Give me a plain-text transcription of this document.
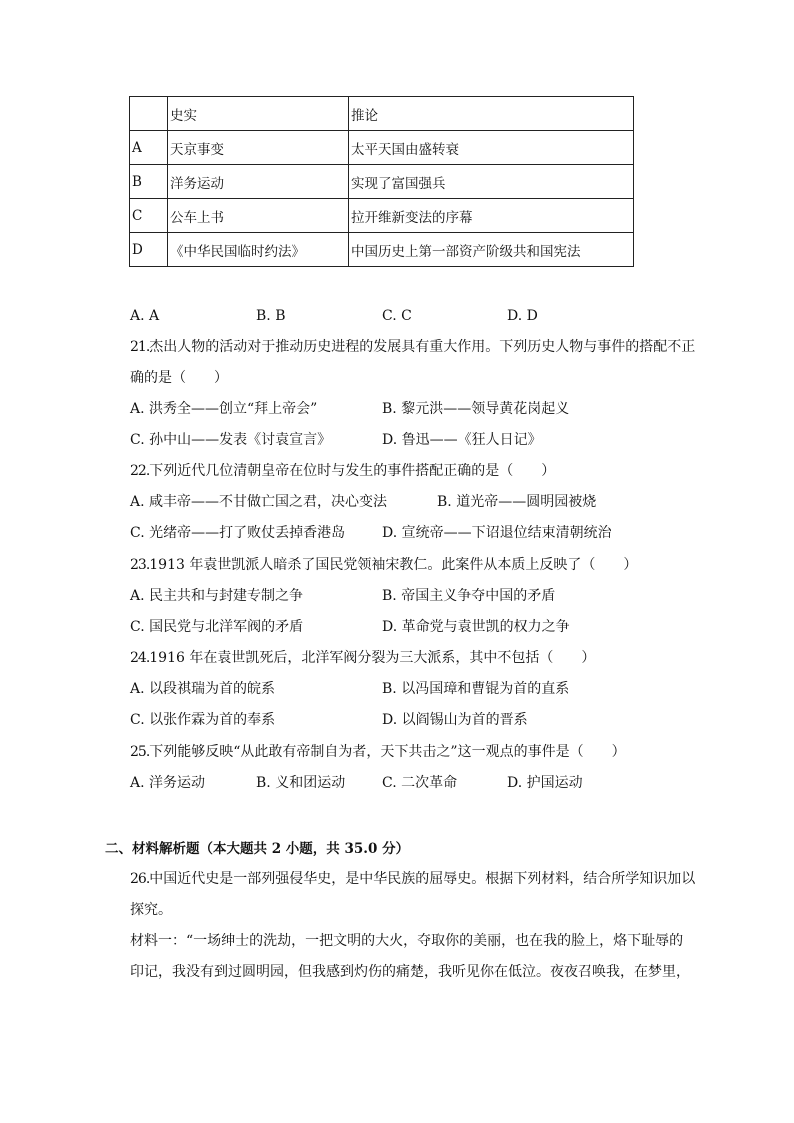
	史实	推论
A	天京事变	太平天国由盛转衰
B	洋务运动	实现了富国强兵
C	公车上书	拉开维新变法的序幕
D	《中华民国临时约法》	中国历史上第一部资产阶级共和国宪法
A. A	B. B	C. C	D. D
21.杰出人物的活动对于推动历史进程的发展具有重大作用。下列历史人物与事件的搭配不正
确的是（　　）
A. 洪秀全——创立“拜上帝会”	B. 黎元洪——领导黄花岗起义
C. 孙中山——发表《讨袁宣言》	D. 鲁迅——《狂人日记》
22.下列近代几位清朝皇帝在位时与发生的事件搭配正确的是（　　）
A. 咸丰帝——不甘做亡国之君，决心变法	B. 道光帝——圆明园被烧
C. 光绪帝——打了败仗丢掉香港岛	D. 宣统帝——下诏退位结束清朝统治
23.1913 年袁世凯派人暗杀了国民党领袖宋教仁。此案件从本质上反映了（　　）
A. 民主共和与封建专制之争	B. 帝国主义争夺中国的矛盾
C. 国民党与北洋军阀的矛盾	D. 革命党与袁世凯的权力之争
24.1916 年在袁世凯死后，北洋军阀分裂为三大派系，其中不包括（　　）
A. 以段祺瑞为首的皖系	B. 以冯国璋和曹锟为首的直系
C. 以张作霖为首的奉系	D. 以阎锡山为首的晋系
25.下列能够反映“从此敢有帝制自为者，天下共击之”这一观点的事件是（　　）
A. 洋务运动	B. 义和团运动	C. 二次革命	D. 护国运动
二、材料解析题（本大题共 2 小题，共 35.0 分）
26.中国近代史是一部列强侵华史，是中华民族的屈辱史。根据下列材料，结合所学知识加以
探究。
材料一：“一场绅士的洗劫，一把文明的大火，夺取你的美丽，也在我的脸上，烙下耻辱的
印记，我没有到过圆明园，但我感到灼伤的痛楚，我听见你在低泣。夜夜召唤我，在梦里，
